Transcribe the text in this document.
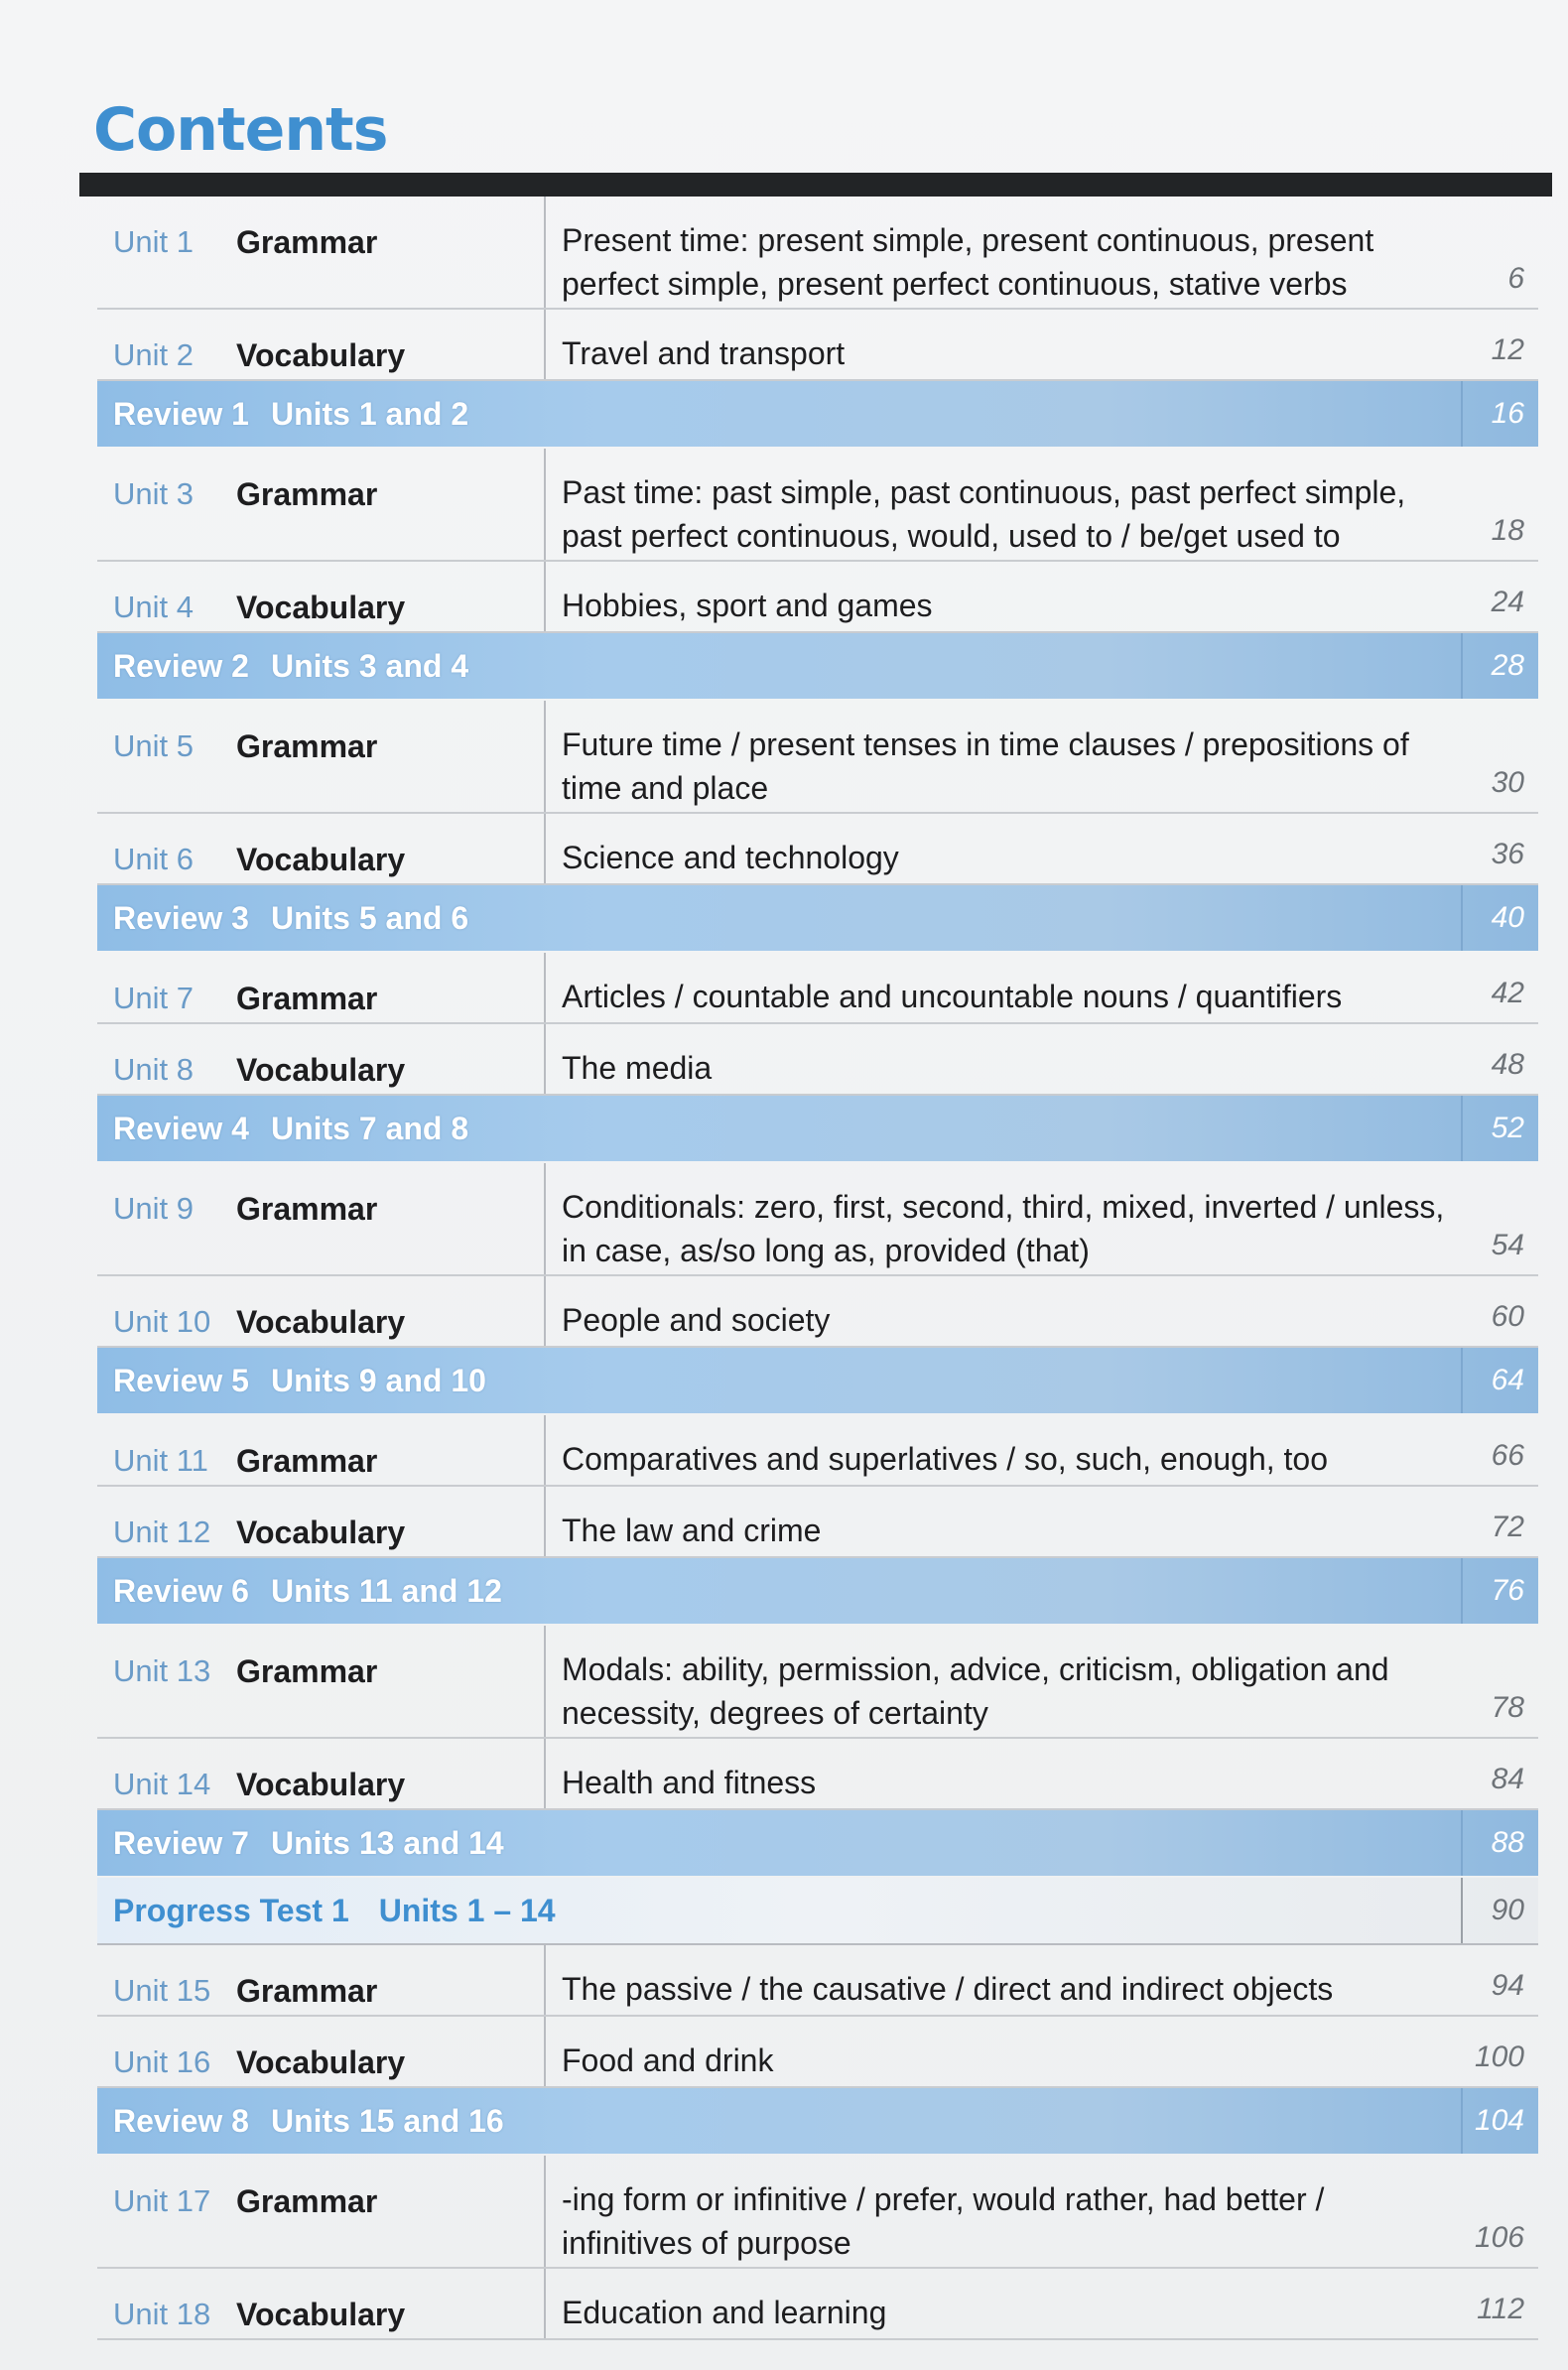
Contents
Unit 1	Grammar	Present time: present simple, present continuous, present perfect simple, present perfect continuous, stative verbs	6
Unit 2	Vocabulary	Travel and transport	12
Review 1 Units 1 and 2	16
Unit 3	Grammar	Past time: past simple, past continuous, past perfect simple, past perfect continuous, would, used to / be/get used to	18
Unit 4	Vocabulary	Hobbies, sport and games	24
Review 2 Units 3 and 4	28
Unit 5	Grammar	Future time / present tenses in time clauses / prepositions of time and place	30
Unit 6	Vocabulary	Science and technology	36
Review 3 Units 5 and 6	40
Unit 7	Grammar	Articles / countable and uncountable nouns / quantifiers	42
Unit 8	Vocabulary	The media	48
Review 4 Units 7 and 8	52
Unit 9	Grammar	Conditionals: zero, first, second, third, mixed, inverted / unless, in case, as/so long as, provided (that)	54
Unit 10 Vocabulary	People and society	60
Review 5 Units 9 and 10	64
Unit 11 Grammar	Comparatives and superlatives / so, such, enough, too	66
Unit 12 Vocabulary	The law and crime	72
Review 6 Units 11 and 12	76
Unit 13 Grammar	Modals: ability, permission, advice, criticism, obligation and necessity, degrees of certainty	78
Unit 14 Vocabulary	Health and fitness	84
Review 7 Units 13 and 14	88
Progress Test 1 Units 1 – 14	90
Unit 15 Grammar	The passive / the causative / direct and indirect objects	94
Unit 16 Vocabulary	Food and drink	100
Review 8 Units 15 and 16	104
Unit 17 Grammar	-ing form or infinitive / prefer, would rather, had better / infinitives of purpose	106
Unit 18 Vocabulary	Education and learning	112
